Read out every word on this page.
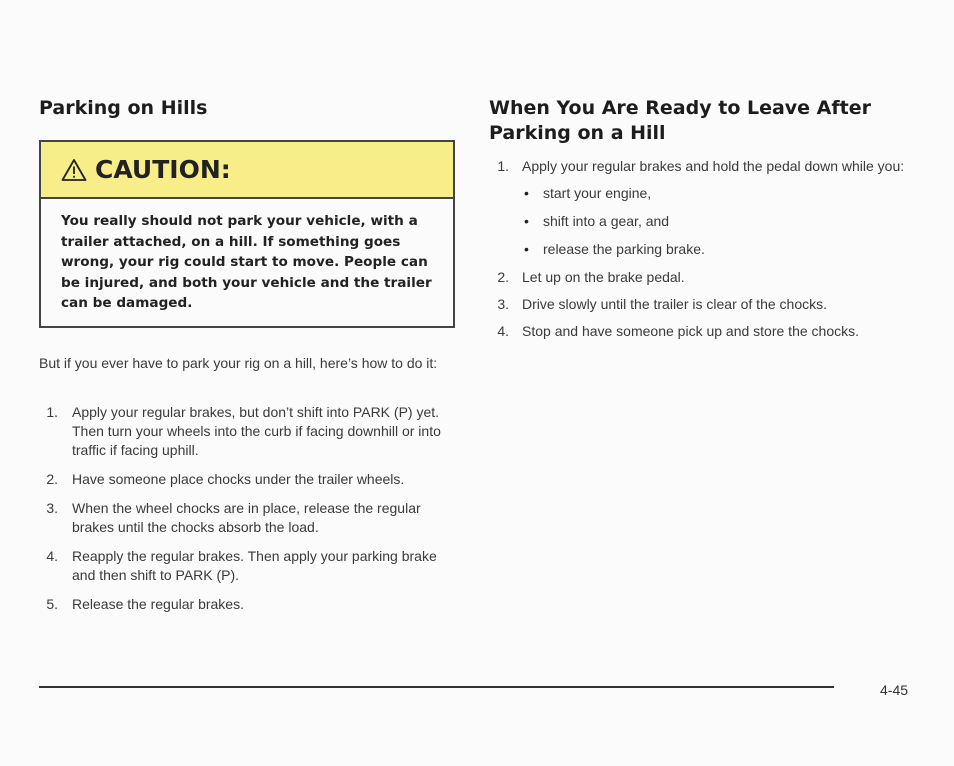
Parking on Hills
CAUTION:
You really should not park your vehicle, with a trailer attached, on a hill. If something goes wrong, your rig could start to move. People can be injured, and both your vehicle and the trailer can be damaged.
But if you ever have to park your rig on a hill, here’s how to do it:
1. Apply your regular brakes, but don’t shift into PARK (P) yet. Then turn your wheels into the curb if facing downhill or into traffic if facing uphill.
2. Have someone place chocks under the trailer wheels.
3. When the wheel chocks are in place, release the regular brakes until the chocks absorb the load.
4. Reapply the regular brakes. Then apply your parking brake and then shift to PARK (P).
5. Release the regular brakes.
When You Are Ready to Leave After Parking on a Hill
1. Apply your regular brakes and hold the pedal down while you:
• start your engine,
• shift into a gear, and
• release the parking brake.
2. Let up on the brake pedal.
3. Drive slowly until the trailer is clear of the chocks.
4. Stop and have someone pick up and store the chocks.
4-45
